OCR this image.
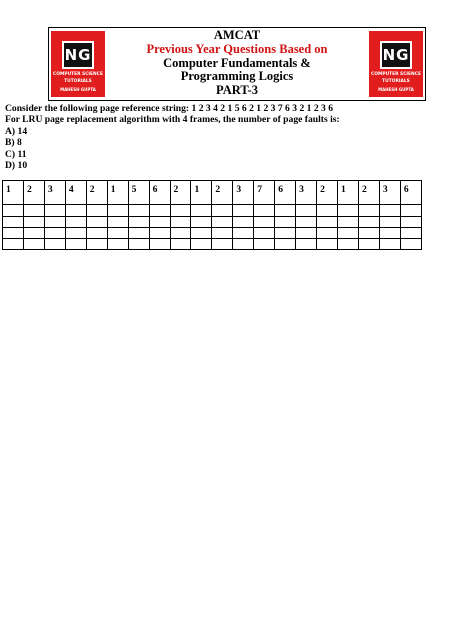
NG
COMPUTER SCIENCE
TUTORIALS
MAHESH GUPTA
AMCAT
Previous Year Questions Based on
Computer Fundamentals &
Programming Logics
PART-3
NG
COMPUTER SCIENCE
TUTORIALS
MAHESH GUPTA
Consider the following page reference string: 1 2 3 4 2 1 5 6 2 1 2 3 7 6 3 2 1 2 3 6
For LRU page replacement algorithm with 4 frames, the number of page faults is:
A) 14
B) 8
C) 11
D) 10
1	2	3	4	2	1	5	6	2	1	2	3	7	6	3	2	1	2	3	6
